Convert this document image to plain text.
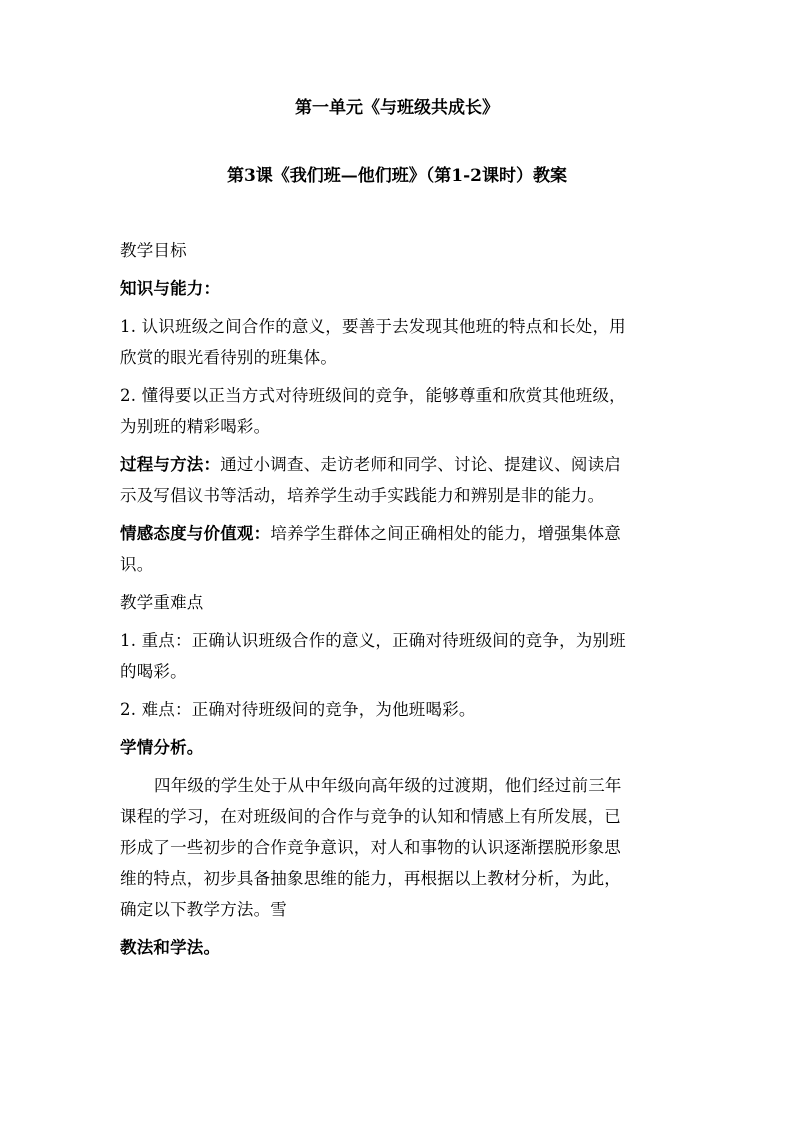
第一单元《与班级共成长》
第3课《我们班—他们班》（第1-2课时）教案

教学目标

知识与能力：

1. 认识班级之间合作的意义，要善于去发现其他班的特点和长处，用
欣赏的眼光看待别的班集体。

2. 懂得要以正当方式对待班级间的竞争，能够尊重和欣赏其他班级，
为别班的精彩喝彩。

过程与方法：通过小调查、走访老师和同学、讨论、提建议、阅读启
示及写倡议书等活动，培养学生动手实践能力和辨别是非的能力。

情感态度与价值观：培养学生群体之间正确相处的能力，增强集体意
识。

教学重难点

1. 重点：正确认识班级合作的意义，正确对待班级间的竞争，为别班
的喝彩。

2. 难点：正确对待班级间的竞争，为他班喝彩。

学情分析。

四年级的学生处于从中年级向高年级的过渡期，他们经过前三年
课程的学习，在对班级间的合作与竞争的认知和情感上有所发展，已
形成了一些初步的合作竞争意识，对人和事物的认识逐渐摆脱形象思
维的特点，初步具备抽象思维的能力，再根据以上教材分析，为此，
确定以下教学方法。雪

教法和学法。
